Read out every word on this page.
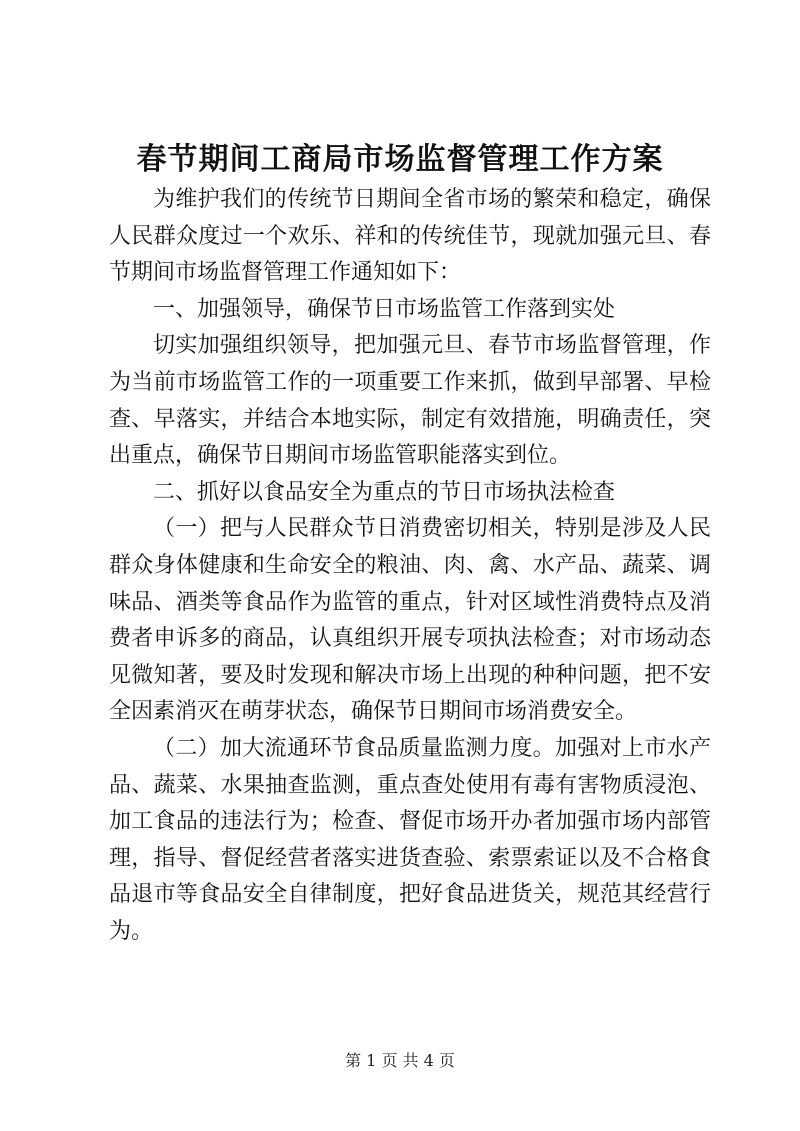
春节期间工商局市场监督管理工作方案

为维护我们的传统节日期间全省市场的繁荣和稳定，确保人民群众度过一个欢乐、祥和的传统佳节，现就加强元旦、春节期间市场监督管理工作通知如下：

一、加强领导，确保节日市场监管工作落到实处

切实加强组织领导，把加强元旦、春节市场监督管理，作为当前市场监管工作的一项重要工作来抓，做到早部署、早检查、早落实，并结合本地实际，制定有效措施，明确责任，突出重点，确保节日期间市场监管职能落实到位。

二、抓好以食品安全为重点的节日市场执法检查

（一）把与人民群众节日消费密切相关，特别是涉及人民群众身体健康和生命安全的粮油、肉、禽、水产品、蔬菜、调味品、酒类等食品作为监管的重点，针对区域性消费特点及消费者申诉多的商品，认真组织开展专项执法检查；对市场动态见微知著，要及时发现和解决市场上出现的种种问题，把不安全因素消灭在萌芽状态，确保节日期间市场消费安全。

（二）加大流通环节食品质量监测力度。加强对上市水产品、蔬菜、水果抽查监测，重点查处使用有毒有害物质浸泡、加工食品的违法行为；检查、督促市场开办者加强市场内部管理，指导、督促经营者落实进货查验、索票索证以及不合格食品退市等食品安全自律制度，把好食品进货关，规范其经营行为。

第 1 页 共 4 页
